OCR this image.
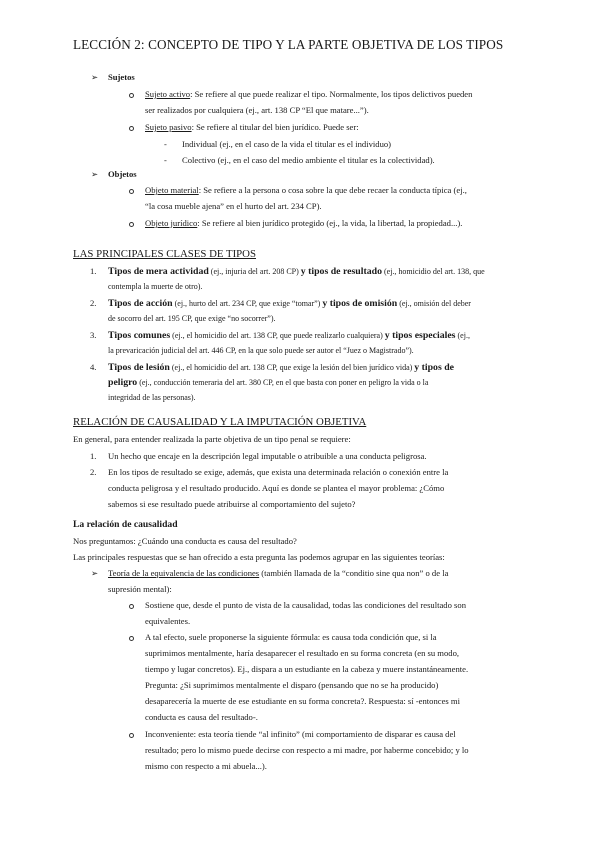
LECCIÓN 2: CONCEPTO DE TIPO Y LA PARTE OBJETIVA DE LOS TIPOS
➢ Sujetos
Sujeto activo: Se refiere al que puede realizar el tipo. Normalmente, los tipos delictivos pueden
ser realizados por cualquiera (ej., art. 138 CP “El que matare...”).
Sujeto pasivo: Se refiere al titular del bien jurídico. Puede ser:
- Individual (ej., en el caso de la vida el titular es el individuo)
- Colectivo (ej., en el caso del medio ambiente el titular es la colectividad).
➢ Objetos
Objeto material: Se refiere a la persona o cosa sobre la que debe recaer la conducta típica (ej.,
“la cosa mueble ajena” en el hurto del art. 234 CP).
Objeto jurídico: Se refiere al bien jurídico protegido (ej., la vida, la libertad, la propiedad...).
LAS PRINCIPALES CLASES DE TIPOS
1. Tipos de mera actividad (ej., injuria del art. 208 CP) y tipos de resultado (ej., homicidio del art. 138, que
contempla la muerte de otro).
2. Tipos de acción (ej., hurto del art. 234 CP, que exige “tomar”) y tipos de omisión (ej., omisión del deber
de socorro del art. 195 CP, que exige “no socorrer”).
3. Tipos comunes (ej., el homicidio del art. 138 CP, que puede realizarlo cualquiera) y tipos especiales (ej.,
la prevaricación judicial del art. 446 CP, en la que solo puede ser autor el “Juez o Magistrado”).
4. Tipos de lesión (ej., el homicidio del art. 138 CP, que exige la lesión del bien jurídico vida) y tipos de
peligro (ej., conducción temeraria del art. 380 CP, en el que basta con poner en peligro la vida o la
integridad de las personas).
RELACIÓN DE CAUSALIDAD Y LA IMPUTACIÓN OBJETIVA
En general, para entender realizada la parte objetiva de un tipo penal se requiere:
1. Un hecho que encaje en la descripción legal imputable o atribuible a una conducta peligrosa.
2. En los tipos de resultado se exige, además, que exista una determinada relación o conexión entre la
conducta peligrosa y el resultado producido. Aquí es donde se plantea el mayor problema: ¿Cómo
sabemos si ese resultado puede atribuirse al comportamiento del sujeto?
La relación de causalidad
Nos preguntamos: ¿Cuándo una conducta es causa del resultado?
Las principales respuestas que se han ofrecido a esta pregunta las podemos agrupar en las siguientes teorías:
➢ Teoría de la equivalencia de las condiciones (también llamada de la “conditio sine qua non” o de la
supresión mental):
Sostiene que, desde el punto de vista de la causalidad, todas las condiciones del resultado son
equivalentes.
A tal efecto, suele proponerse la siguiente fórmula: es causa toda condición que, si la
suprimimos mentalmente, haría desaparecer el resultado en su forma concreta (en su modo,
tiempo y lugar concretos). Ej., dispara a un estudiante en la cabeza y muere instantáneamente.
Pregunta: ¿Si suprimimos mentalmente el disparo (pensando que no se ha producido)
desaparecería la muerte de ese estudiante en su forma concreta?. Respuesta: sí -entonces mi
conducta es causa del resultado-.
Inconveniente: esta teoría tiende “al infinito” (mi comportamiento de disparar es causa del
resultado; pero lo mismo puede decirse con respecto a mi madre, por haberme concebido; y lo
mismo con respecto a mi abuela...).
